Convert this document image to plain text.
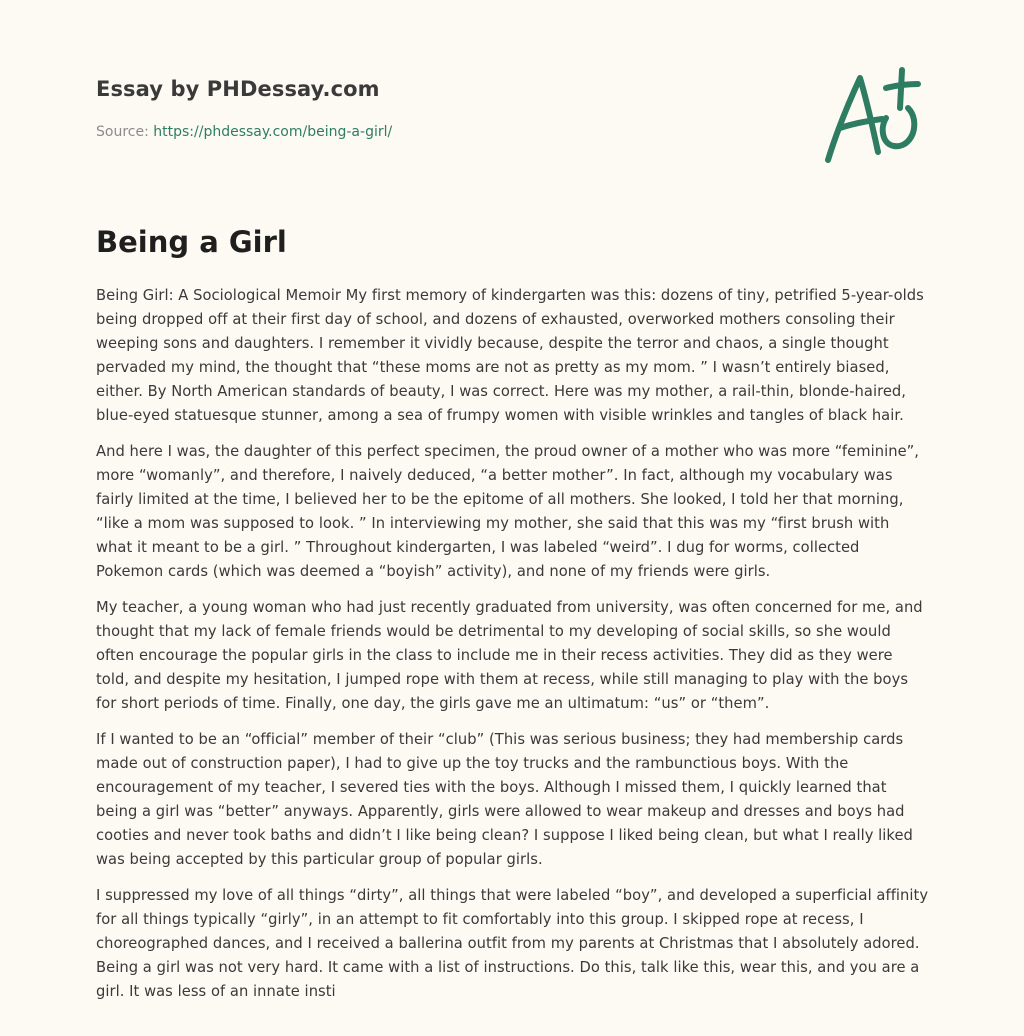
Essay by PHDessay.com

Source: https://phdessay.com/being-a-girl/

Being a Girl

Being Girl: A Sociological Memoir My first memory of kindergarten was this: dozens of tiny, petrified 5-year-olds being dropped off at their first day of school, and dozens of exhausted, overworked mothers consoling their weeping sons and daughters. I remember it vividly because, despite the terror and chaos, a single thought pervaded my mind, the thought that “these moms are not as pretty as my mom. ” I wasn’t entirely biased, either. By North American standards of beauty, I was correct. Here was my mother, a rail-thin, blonde-haired, blue-eyed statuesque stunner, among a sea of frumpy women with visible wrinkles and tangles of black hair.

And here I was, the daughter of this perfect specimen, the proud owner of a mother who was more “feminine”, more “womanly”, and therefore, I naively deduced, “a better mother”. In fact, although my vocabulary was fairly limited at the time, I believed her to be the epitome of all mothers. She looked, I told her that morning, “like a mom was supposed to look. ” In interviewing my mother, she said that this was my “first brush with what it meant to be a girl. ” Throughout kindergarten, I was labeled “weird”. I dug for worms, collected Pokemon cards (which was deemed a “boyish” activity), and none of my friends were girls.

My teacher, a young woman who had just recently graduated from university, was often concerned for me, and thought that my lack of female friends would be detrimental to my developing of social skills, so she would often encourage the popular girls in the class to include me in their recess activities. They did as they were told, and despite my hesitation, I jumped rope with them at recess, while still managing to play with the boys for short periods of time. Finally, one day, the girls gave me an ultimatum: “us” or “them”.

If I wanted to be an “official” member of their “club” (This was serious business; they had membership cards made out of construction paper), I had to give up the toy trucks and the rambunctious boys. With the encouragement of my teacher, I severed ties with the boys. Although I missed them, I quickly learned that being a girl was “better” anyways. Apparently, girls were allowed to wear makeup and dresses and boys had cooties and never took baths and didn’t I like being clean? I suppose I liked being clean, but what I really liked was being accepted by this particular group of popular girls.

I suppressed my love of all things “dirty”, all things that were labeled “boy”, and developed a superficial affinity for all things typically “girly”, in an attempt to fit comfortably into this group. I skipped rope at recess, I choreographed dances, and I received a ballerina outfit from my parents at Christmas that I absolutely adored. Being a girl was not very hard. It came with a list of instructions. Do this, talk like this, wear this, and you are a girl. It was less of an innate insti
